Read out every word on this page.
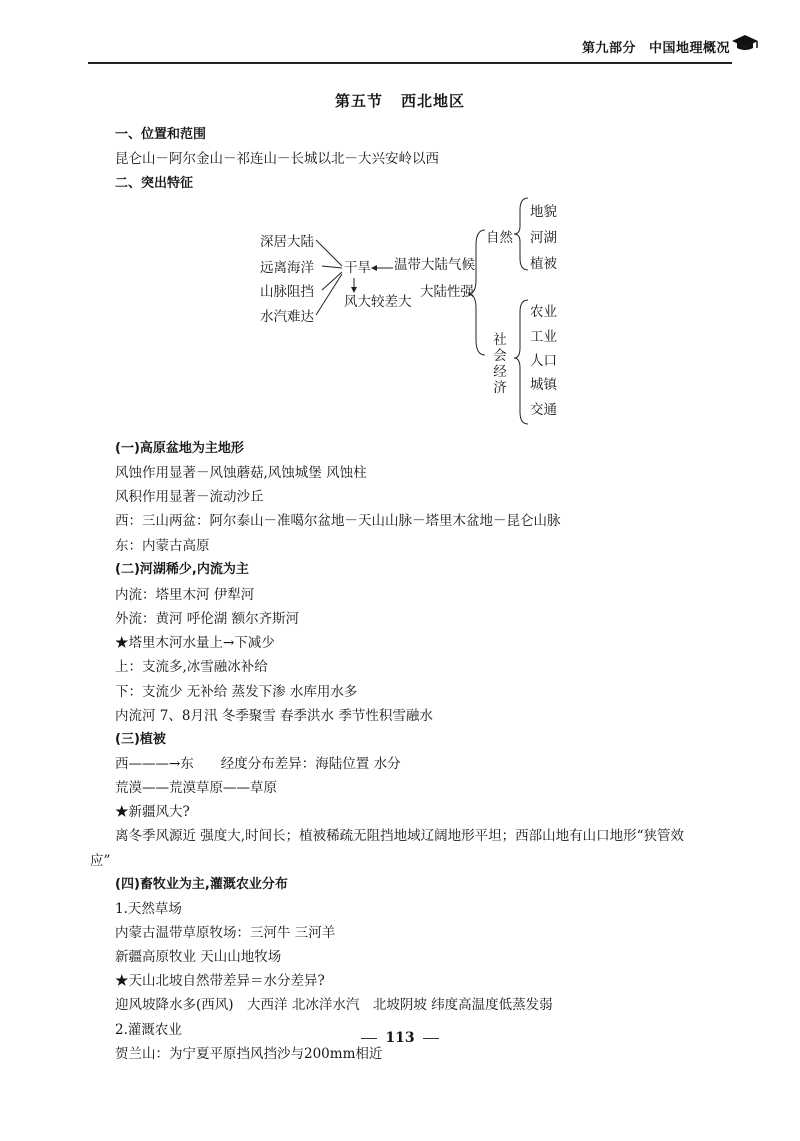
第九部分 中国地理概况
第五节 西北地区
一、位置和范围
昆仑山－阿尔金山－祁连山－长城以北－大兴安岭以西
二、突出特征
深居大陆
远离海洋
山脉阻挡
水汽难达
干旱 温带大陆气候
风大较差大
大陆性强
自然
地貌
河湖
植被
社会经济
农业
工业
人口
城镇
交通
(一)高原盆地为主地形
风蚀作用显著－风蚀蘑菇,风蚀城堡 风蚀柱
风积作用显著－流动沙丘
西：三山两盆：阿尔泰山－准噶尔盆地－天山山脉－塔里木盆地－昆仑山脉
东：内蒙古高原
(二)河湖稀少,内流为主
内流：塔里木河 伊犁河
外流：黄河 呼伦湖 额尔齐斯河
★塔里木河水量上→下减少
上：支流多,冰雪融冰补给
下：支流少 无补给 蒸发下渗 水库用水多
内流河 7、8月汛 冬季聚雪 春季洪水 季节性积雪融水
(三)植被
西———→东　　经度分布差异：海陆位置 水分
荒漠——荒漠草原——草原
★新疆风大?
离冬季风源近 强度大,时间长；植被稀疏无阻挡地域辽阔地形平坦；西部山地有山口地形“狭管效
应”
(四)畜牧业为主,灌溉农业分布
1.天然草场
内蒙古温带草原牧场：三河牛 三河羊
新疆高原牧业 天山山地牧场
★天山北坡自然带差异＝水分差异?
迎风坡降水多(西风)　大西洋 北冰洋水汽　北坡阴坡 纬度高温度低蒸发弱
2.灌溉农业
贺兰山：为宁夏平原挡风挡沙与200mm相近
113
